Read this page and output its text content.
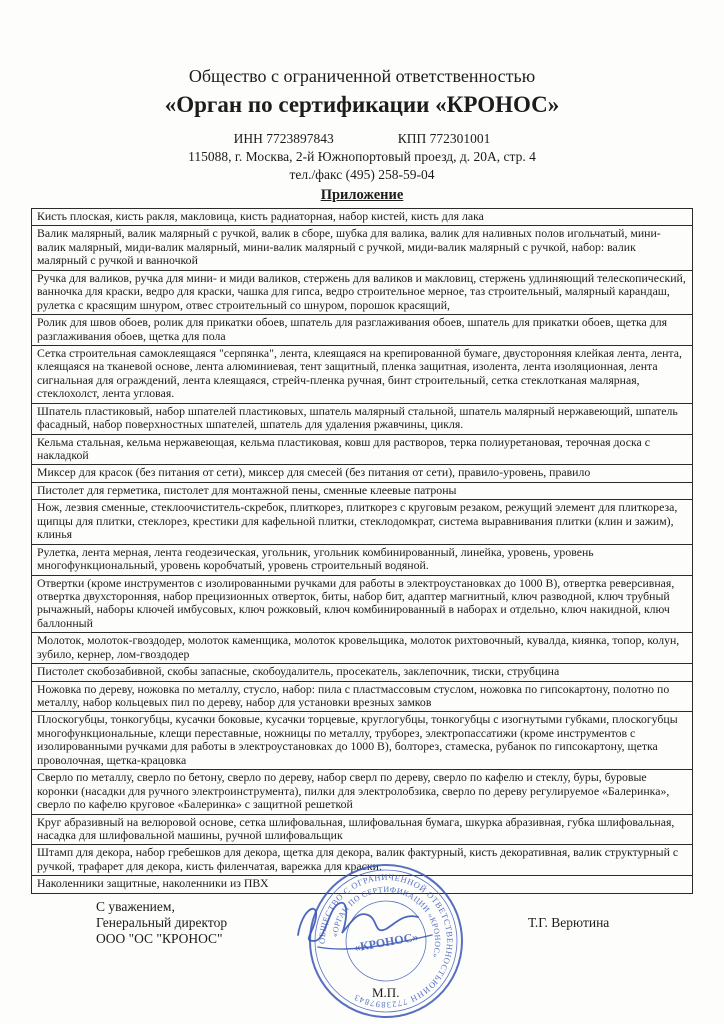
Общество с ограниченной ответственностью
«Орган по сертификации «КРОНОС»
ИНН 7723897843	КПП 772301001
115088, г. Москва, 2-й Южнопортовый проезд, д. 20А, стр. 4
тел./факс (495) 258-59-04
Приложение
Кисть плоская, кисть ракля, макловица, кисть радиаторная, набор кистей, кисть для лака
Валик малярный, валик малярный с ручкой, валик в сборе, шубка для валика, валик для наливных полов игольчатый, мини-валик малярный, миди-валик малярный, мини-валик малярный с ручкой, миди-валик малярный с ручкой, набор: валик малярный с ручкой и ванночкой
Ручка для валиков, ручка для мини- и миди валиков, стержень для валиков и макловиц, стержень удлиняющий телескопический, ванночка для краски, ведро для краски, чашка для гипса, ведро строительное мерное, таз строительный, малярный карандаш, рулетка с красящим шнуром, отвес строительный со шнуром, порошок красящий,
Ролик для швов обоев, ролик для прикатки обоев, шпатель для разглаживания обоев, шпатель для прикатки обоев, щетка для разглаживания обоев, щетка для пола
Сетка строительная самоклеящаяся "серпянка", лента, клеящаяся на крепированной бумаге, двусторонняя клейкая лента, лента, клеящаяся на тканевой основе, лента алюминиевая, тент защитный, пленка защитная, изолента, лента изоляционная, лента сигнальная для ограждений, лента клеящаяся, стрейч-пленка ручная, бинт строительный, сетка стеклотканая малярная, стеклохолст, лента угловая.
Шпатель пластиковый, набор шпателей пластиковых, шпатель малярный стальной, шпатель малярный нержавеющий, шпатель фасадный, набор поверхностных шпателей, шпатель для удаления ржавчины, цикля.
Кельма стальная, кельма нержавеющая, кельма пластиковая, ковш для растворов, терка полиуретановая, терочная доска с накладкой
Миксер для красок (без питания от сети), миксер для смесей (без питания от сети), правило-уровень, правило
Пистолет для герметика, пистолет для монтажной пены, сменные клеевые патроны
Нож, лезвия сменные, стеклоочиститель-скребок, плиткорез, плиткорез с круговым резаком, режущий элемент для плиткореза, щипцы для плитки, стеклорез, крестики для кафельной плитки, стеклодомкрат, система выравнивания плитки (клин и зажим), клинья
Рулетка, лента мерная, лента геодезическая, угольник, угольник комбинированный, линейка, уровень, уровень многофункциональный, уровень коробчатый, уровень строительный водяной.
Отвертки (кроме инструментов с изолированными ручками для работы в электроустановках до 1000 В), отвертка реверсивная, отвертка двухсторонняя, набор прецизионных отверток, биты, набор бит, адаптер магнитный, ключ разводной, ключ трубный рычажный, наборы ключей имбусовых, ключ рожковый, ключ комбинированный в наборах и отдельно, ключ накидной, ключ баллонный
Молоток, молоток-гвоздодер, молоток каменщика, молоток кровельщика, молоток рихтовочный, кувалда, киянка, топор, колун, зубило, кернер, лом-гвоздодер
Пистолет скобозабивной, скобы запасные, скобоудалитель, просекатель, заклепочник, тиски, струбцина
Ножовка по дереву, ножовка по металлу, стусло, набор: пила с пластмассовым стуслом, ножовка по гипсокартону, полотно по металлу, набор кольцевых пил по дереву, набор для установки врезных замков
Плоскогубцы, тонкогубцы, кусачки боковые, кусачки торцевые, круглогубцы, тонкогубцы с изогнутыми губками, плоскогубцы многофункциональные, клещи переставные, ножницы по металлу, труборез, электропассатижи (кроме инструментов с изолированными ручками для работы в электроустановках до 1000 В), болторез, стамеска, рубанок по гипсокартону, щетка проволочная, щетка-крацовка
Сверло по металлу, сверло по бетону, сверло по дереву, набор сверл по дереву, сверло по кафелю и стеклу, буры, буровые коронки (насадки для ручного электроинструмента), пилки для электролобзика, сверло по дереву регулируемое «Балеринка», сверло по кафелю круговое «Балеринка» с защитной решеткой
Круг абразивный на велюровой основе, сетка шлифовальная, шлифовальная бумага, шкурка абразивная, губка шлифовальная, насадка для шлифовальной машины, ручной шлифовальщик
Штамп для декора, набор гребешков для декора, щетка для декора, валик фактурный, кисть декоративная, валик структурный с ручкой, трафарет для декора, кисть филенчатая, варежка для краски.
Наколенники защитные, наколенники из ПВХ
С уважением,
Генеральный директор
ООО "ОС "КРОНОС"
Т.Г. Верютина
ОБЩЕСТВО С ОГРАНИЧЕННОЙ ОТВЕТСТВЕННОСТЬЮ
ИНН 7723897843
«ОРГАН ПО СЕРТИФИКАЦИИ «КРОНОС»
«КРОНОС»
М.П.
